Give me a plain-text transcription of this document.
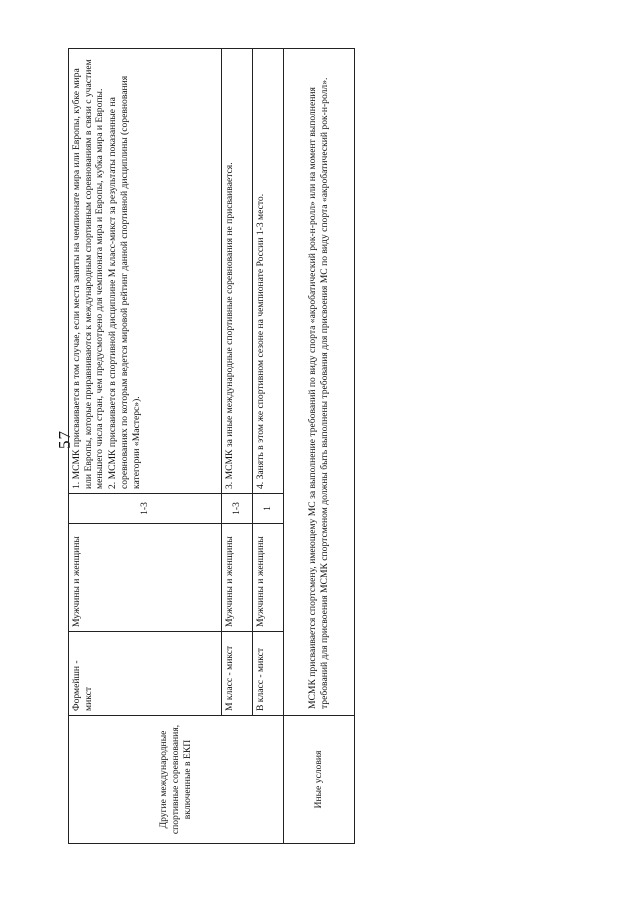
57
Другие международные спортивные соревнования, включенные в ЕКП	Формейшн - микст	Мужчины и женщины	1-3	1. МСМК присваивается в том случае, если места заняты на чемпионате мира или Европы, кубке мира или Европы, которые приравниваются к международным спортивным соревнованиям в связи с участием меньшего числа стран, чем предусмотрено для чемпионата мира и Европы, кубка мира и Европы. 2. МСМК присваивается в спортивной дисциплине М класс-микст за результаты показанные на соревнованиях по которым ведется мировой рейтинг данной спортивной дисциплины (соревнования категории «Мастерс»).

	М класс - микст	Мужчины и женщины	1-3	3. МСМК за иные международные спортивные соревнования не присваивается.
	В класс - микст	Мужчины и женщины	1	4. Занять в этом же спортивном сезоне на чемпионате России 1-3 место.
Иные условия	МСМК присваивается спортсмену, имеющему МС за выполнение требований по виду спорта «акробатический рок-н-ролл» или на момент выполнения требований для присвоения МСМК спортсменом должны быть выполнены требования для присвоения МС по виду спорта «акробатический рок-н-ролл».			
